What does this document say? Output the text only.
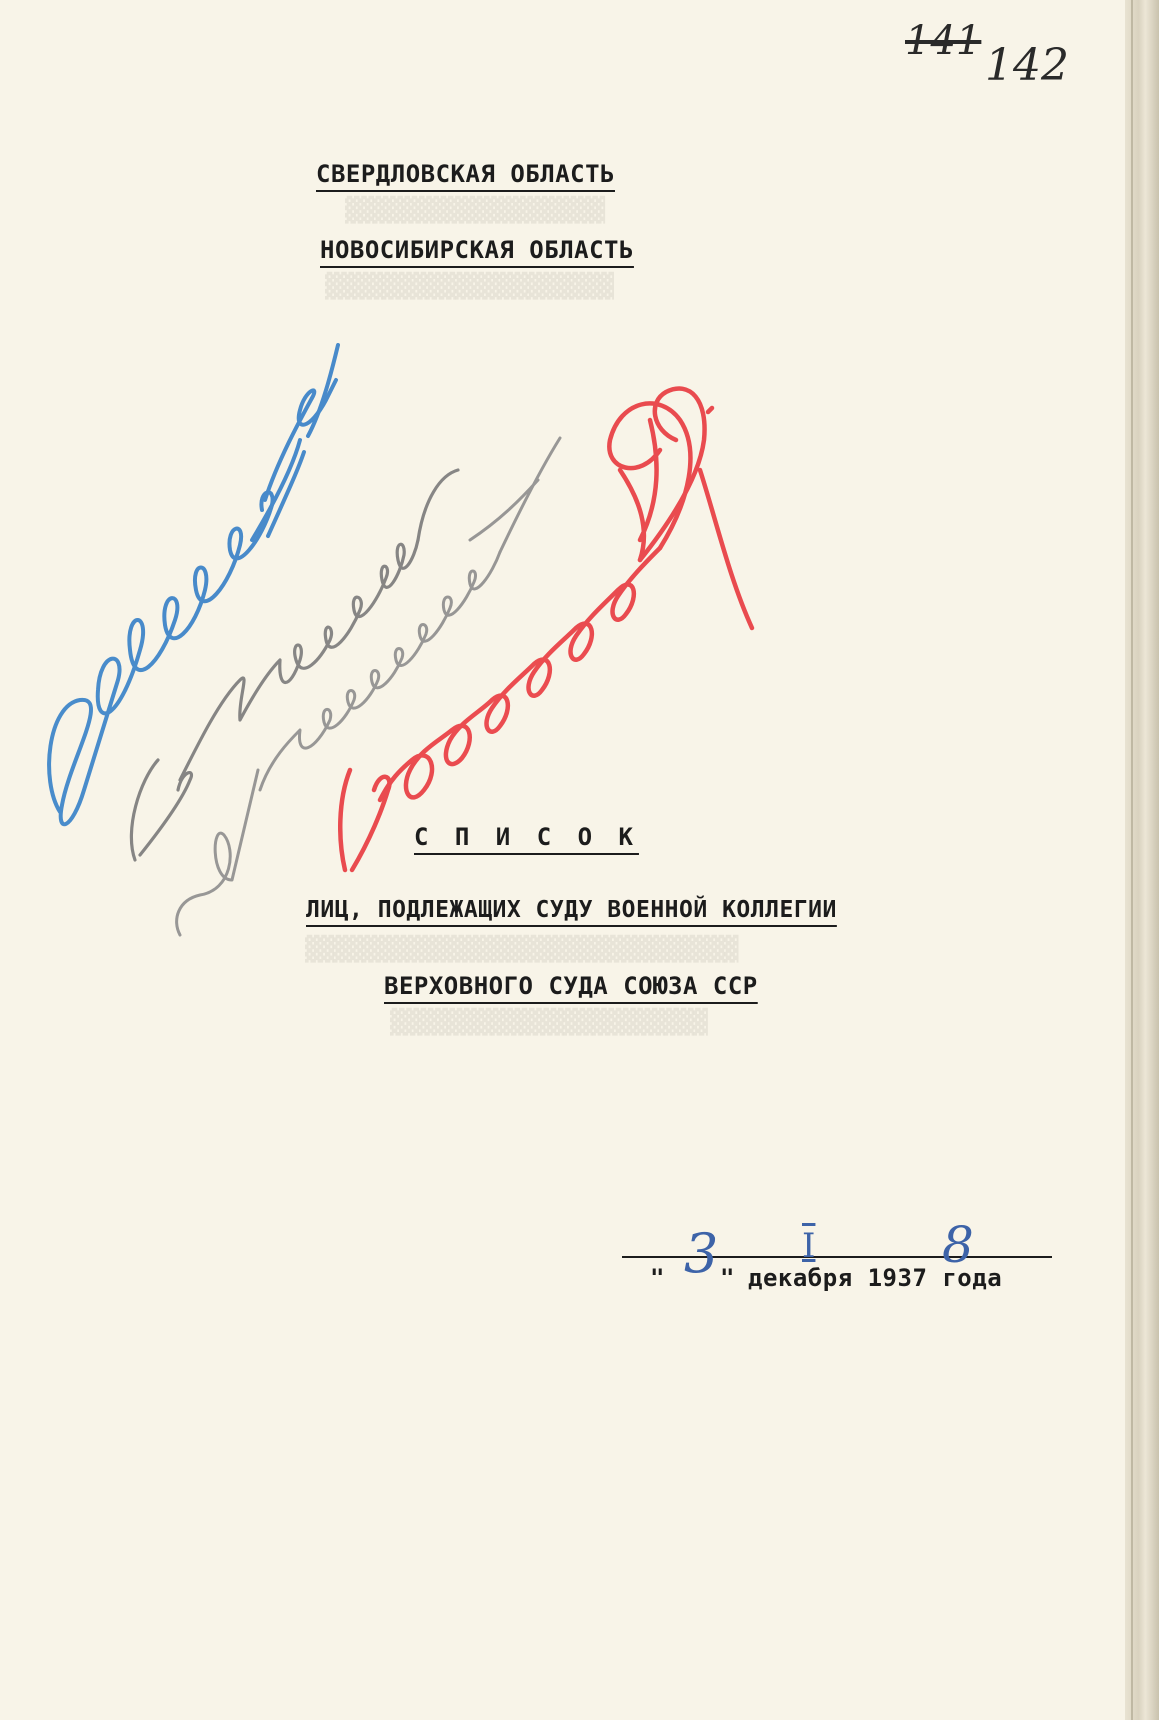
141 142
▓▓▓▓▓▓▓▓▓▓▓▓▓▓▓▓▓▓
▓▓▓▓▓▓▓▓▓▓▓▓▓▓▓▓▓▓▓▓
▓▓▓▓▓▓▓▓▓▓▓▓▓▓▓▓▓▓▓▓▓▓▓▓▓▓▓▓▓▓
▓▓▓▓▓▓▓▓▓▓▓▓▓▓▓▓▓▓▓▓▓▓
СВЕРДЛОВСКАЯ ОБЛАСТЬ
НОВОСИБИРСКАЯ ОБЛАСТЬ
С П И С О К
ЛИЦ, ПОДЛЕЖАЩИХ СУДУ ВОЕННОЙ КОЛЛЕГИИ
ВЕРХОВНОГО СУДА СОЮЗА ССР
" 3 " декабря 1937 года
I	8
